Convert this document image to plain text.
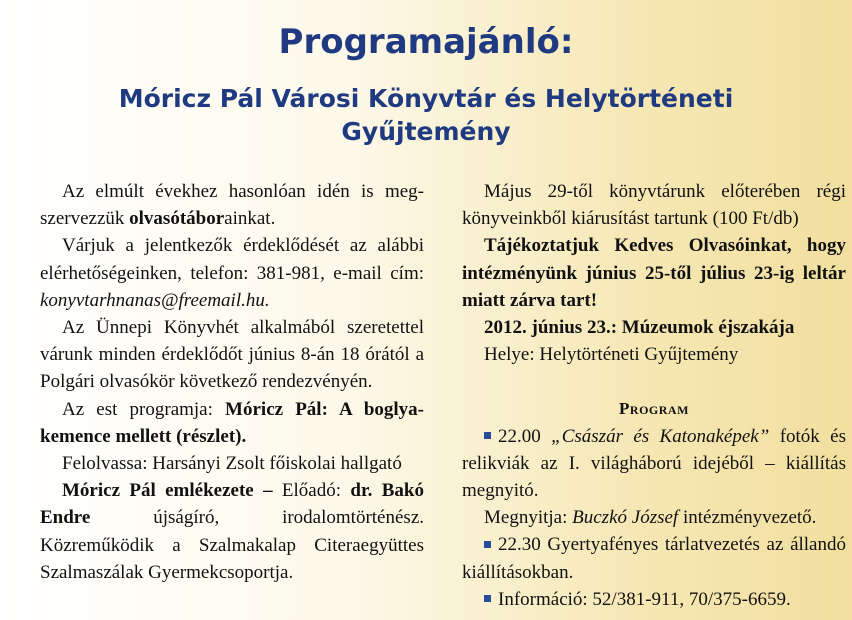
Programajánló:
Móricz Pál Városi Könyvtár és Helytörténeti Gyűjtemény

Az elmúlt évekhez hasonlóan idén is megszervezzük olvasótáborainkat.

Várjuk a jelentkezők érdeklődését az alábbi elérhetőségeinken, telefon: 381-981, e-mail cím: konyvtarhnanas@freemail.hu.

Az Ünnepi Könyvhét alkalmából szeretettel várunk minden érdeklődőt június 8-án 18 órától a Polgári olvasókör következő rendezvényén.

Az est programja: Móricz Pál: A boglyakemence mellett (részlet).

Felolvassa: Harsányi Zsolt főiskolai hallgató

Móricz Pál emlékezete – Előadó: dr. Bakó Endre újságíró, irodalomtörténész. Közreműködik a Szalmakalap Citeraegyüttes Szalmaszálak Gyermekcsoportja.

Május 29-től könyvtárunk előterében régi könyveinkből kiárusítást tartunk (100 Ft/db)

Tájékoztatjuk Kedves Olvasóinkat, hogy intézményünk június 25-től július 23-ig leltár miatt zárva tart!

2012. június 23.: Múzeumok éjszakája

Helye: Helytörténeti Gyűjtemény

Program

22.00 „Császár és Katonaképek” fotók és relikviák az I. világháború idejéből – kiállítás megnyitó.

Megnyitja: Buczkó József intézményvezető.

22.30 Gyertyafényes tárlatvezetés az állandó kiállításokban.

Információ: 52/381-911, 70/375-6659.
